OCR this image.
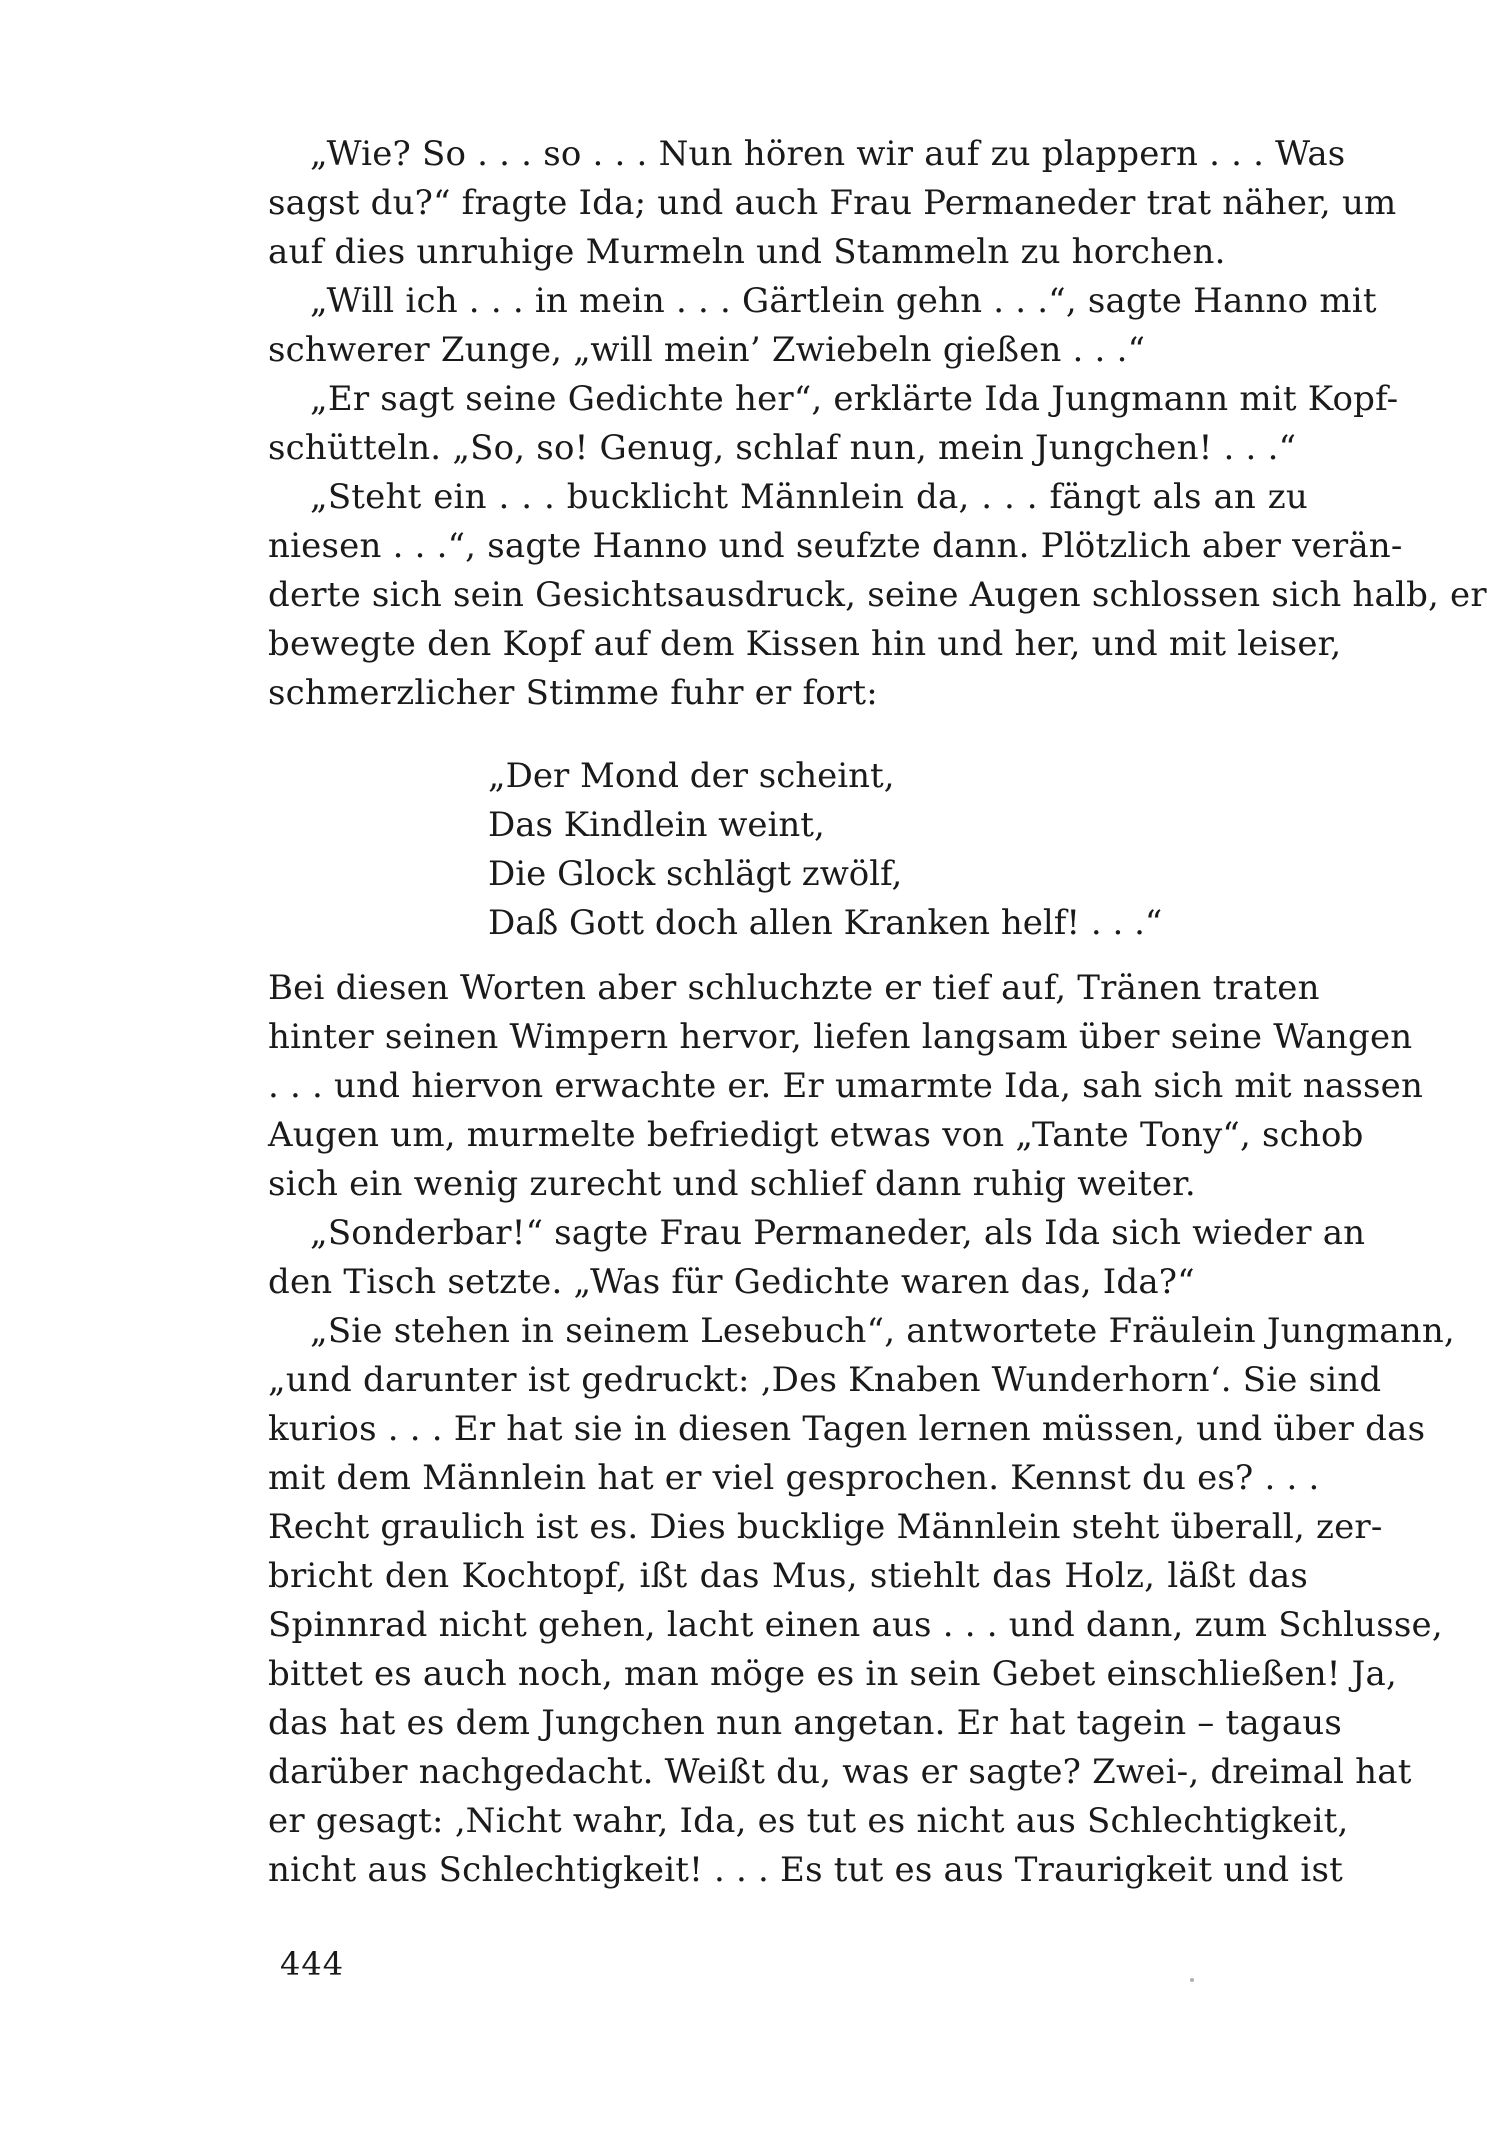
„Wie? So . . . so . . . Nun hören wir auf zu plappern . . . Was
sagst du?“ fragte Ida; und auch Frau Permaneder trat näher, um
auf dies unruhige Murmeln und Stammeln zu horchen.
„Will ich . . . in mein . . . Gärtlein gehn . . .“, sagte Hanno mit
schwerer Zunge, „will mein’ Zwiebeln gießen . . .“
„Er sagt seine Gedichte her“, erklärte Ida Jungmann mit Kopf-
schütteln. „So, so! Genug, schlaf nun, mein Jungchen! . . .“
„Steht ein . . . bucklicht Männlein da, . . . fängt als an zu
niesen . . .“, sagte Hanno und seufzte dann. Plötzlich aber verän-
derte sich sein Gesichtsausdruck, seine Augen schlossen sich halb, er
bewegte den Kopf auf dem Kissen hin und her, und mit leiser,
schmerzlicher Stimme fuhr er fort:
„Der Mond der scheint,
Das Kindlein weint,
Die Glock schlägt zwölf,
Daß Gott doch allen Kranken helf! . . .“
Bei diesen Worten aber schluchzte er tief auf, Tränen traten
hinter seinen Wimpern hervor, liefen langsam über seine Wangen
. . . und hiervon erwachte er. Er umarmte Ida, sah sich mit nassen
Augen um, murmelte befriedigt etwas von „Tante Tony“, schob
sich ein wenig zurecht und schlief dann ruhig weiter.
„Sonderbar!“ sagte Frau Permaneder, als Ida sich wieder an
den Tisch setzte. „Was für Gedichte waren das, Ida?“
„Sie stehen in seinem Lesebuch“, antwortete Fräulein Jungmann,
„und darunter ist gedruckt: ‚Des Knaben Wunderhorn‘. Sie sind
kurios . . . Er hat sie in diesen Tagen lernen müssen, und über das
mit dem Männlein hat er viel gesprochen. Kennst du es? . . .
Recht graulich ist es. Dies bucklige Männlein steht überall, zer-
bricht den Kochtopf, ißt das Mus, stiehlt das Holz, läßt das
Spinnrad nicht gehen, lacht einen aus . . . und dann, zum Schlusse,
bittet es auch noch, man möge es in sein Gebet einschließen! Ja,
das hat es dem Jungchen nun angetan. Er hat tagein – tagaus
darüber nachgedacht. Weißt du, was er sagte? Zwei-, dreimal hat
er gesagt: ‚Nicht wahr, Ida, es tut es nicht aus Schlechtigkeit,
nicht aus Schlechtigkeit! . . . Es tut es aus Traurigkeit und ist
444
